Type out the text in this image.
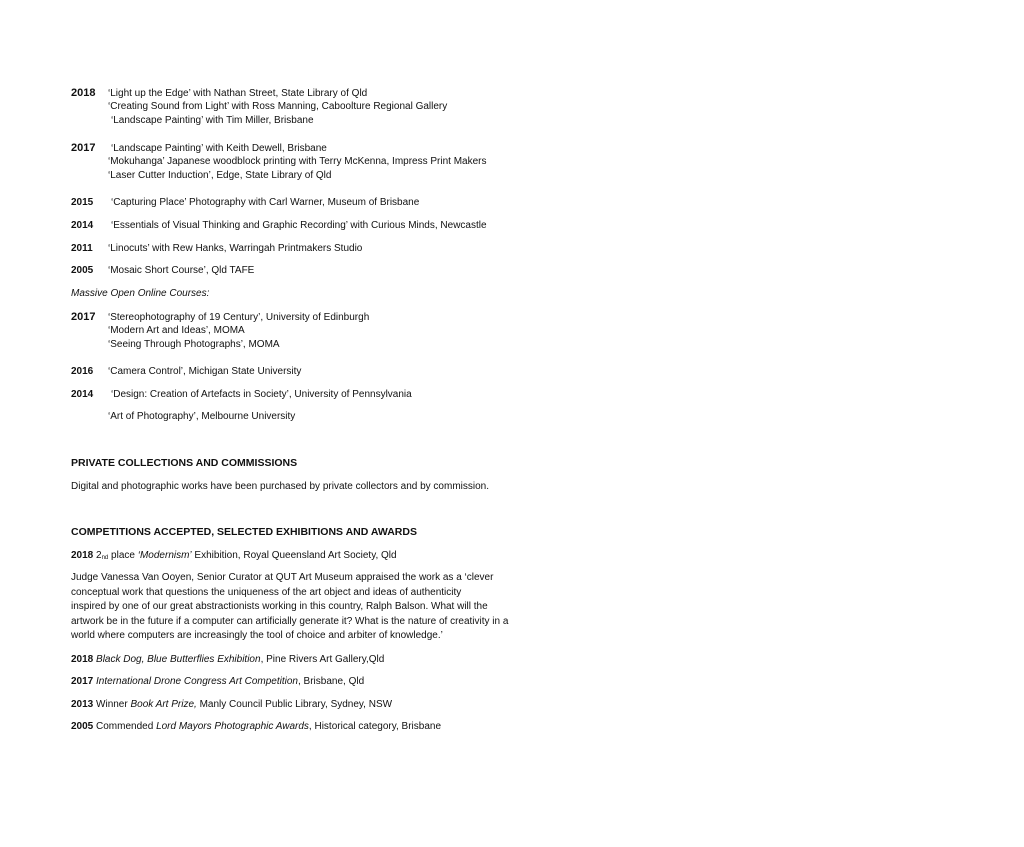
2018 ‘Light up the Edge’ with Nathan Street, State Library of Qld
‘Creating Sound from Light’ with Ross Manning, Caboolture Regional Gallery
‘Landscape Painting’ with Tim Miller, Brisbane
2017 ‘Landscape Painting’ with Keith Dewell, Brisbane
‘Mokuhanga’ Japanese woodblock printing with Terry McKenna, Impress Print Makers
‘Laser Cutter Induction’, Edge, State Library of Qld
2015 ‘Capturing Place’ Photography with Carl Warner, Museum of Brisbane
2014 ‘Essentials of Visual Thinking and Graphic Recording’ with Curious Minds, Newcastle
2011 ‘Linocuts’ with Rew Hanks, Warringah Printmakers Studio
2005 ‘Mosaic Short Course’, Qld TAFE
Massive Open Online Courses:
2017 ‘Stereophotography of 19 Century’, University of Edinburgh
‘Modern Art and Ideas’, MOMA
‘Seeing Through Photographs’, MOMA
2016 ‘Camera Control’, Michigan State University
2014 ‘Design: Creation of Artefacts in Society’, University of Pennsylvania
‘Art of Photography’, Melbourne University
PRIVATE COLLECTIONS AND COMMISSIONS
Digital and photographic works have been purchased by private collectors and by commission.
COMPETITIONS ACCEPTED, SELECTED EXHIBITIONS AND AWARDS
2018 $2_{nd}$ place ‘Modernism’ Exhibition, Royal Queensland Art Society, Qld
Judge Vanessa Van Ooyen, Senior Curator at QUT Art Museum appraised the work as a ‘clever
conceptual work that questions the uniqueness of the art object and ideas of authenticity
inspired by one of our great abstractionists working in this country, Ralph Balson. What will the
artwork be in the future if a computer can artificially generate it? What is the nature of creativity in a
world where computers are increasingly the tool of choice and arbiter of knowledge.’
2018 Black Dog, Blue Butterflies Exhibition, Pine Rivers Art Gallery,Qld
2017 International Drone Congress Art Competition, Brisbane, Qld
2013 Winner Book Art Prize, Manly Council Public Library, Sydney, NSW
2005 Commended Lord Mayors Photographic Awards, Historical category, Brisbane
